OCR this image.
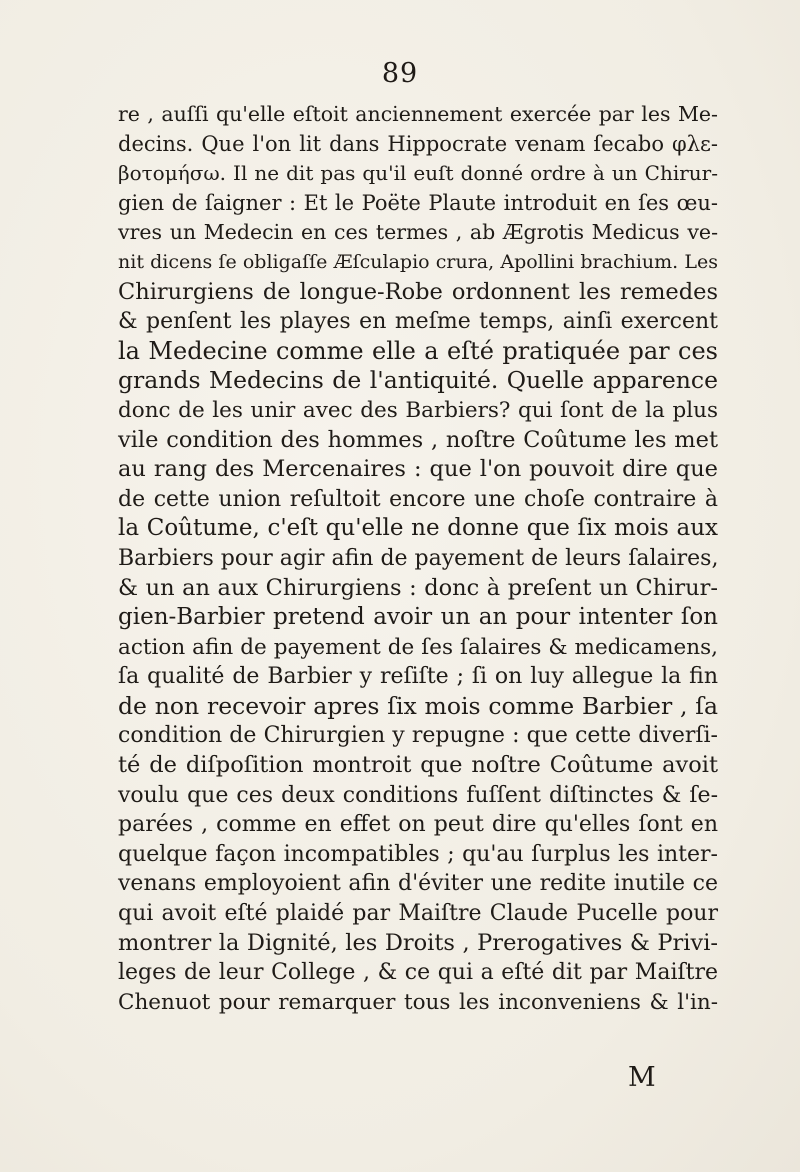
89
re , auſſi qu'elle eſtoit anciennement exercée par les Me-
decins. Que l'on lit dans Hippocrate venam ſecabo φλε-
βοτομήσω. Il ne dit pas qu'il euſt donné ordre à un Chirur-
gien de ſaigner : Et le Poëte Plaute introduit en ſes œu-
vres un Medecin en ces termes , ab Ægrotis Medicus ve-
nit dicens ſe obligaſſe Æſculapio crura, Apollini brachium. Les
Chirurgiens de longue-Robe ordonnent les remedes
& penſent les playes en meſme temps, ainſi exercent
la Medecine comme elle a eſté pratiquée par ces
grands Medecins de l'antiquité. Quelle apparence
donc de les unir avec des Barbiers? qui ſont de la plus
vile condition des hommes , noſtre Coûtume les met
au rang des Mercenaires : que l'on pouvoit dire que
de cette union reſultoit encore une choſe contraire à
la Coûtume, c'eſt qu'elle ne donne que ſix mois aux
Barbiers pour agir afin de payement de leurs ſalaires,
& un an aux Chirurgiens : donc à preſent un Chirur-
gien-Barbier pretend avoir un an pour intenter ſon
action afin de payement de ſes ſalaires & medicamens,
ſa qualité de Barbier y reſiſte ; ſi on luy allegue la fin
de non recevoir apres ſix mois comme Barbier , ſa
condition de Chirurgien y repugne : que cette diverſi-
té de diſpoſition montroit que noſtre Coûtume avoit
voulu que ces deux conditions fuſſent diſtinctes & ſe-
parées , comme en effet on peut dire qu'elles ſont en
quelque façon incompatibles ; qu'au ſurplus les inter-
venans employoient afin d'éviter une redite inutile ce
qui avoit eſté plaidé par Maiſtre Claude Pucelle pour
montrer la Dignité, les Droits , Prerogatives & Privi-
leges de leur College , & ce qui a eſté dit par Maiſtre
Chenuot pour remarquer tous les inconveniens & l'in-
M
